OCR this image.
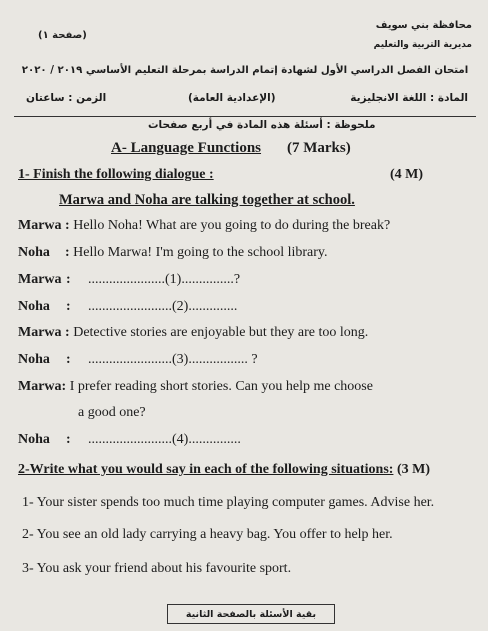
محافظة بني سويف
مديرية التربية والتعليم
(صفحة ١)
امتحان الفصل الدراسي الأول لشهادة إتمام الدراسة بمرحلة التعليم الأساسي ٢٠١٩ / ٢٠٢٠
المادة : اللغة الانجليزية
(الإعدادية العامة)
الزمن : ساعتان
ملحوظة : أسئلة هذه المادة في أربع صفحات
A- Language Functions (7 Marks)
1- Finish the following dialogue :	(4 M)
Marwa and Noha are talking together at school.
Marwa : Hello Noha! What are you going to do during the break?
Noha : Hello Marwa! I'm going to the school library.
Marwa : ......................(1)...............?
Noha : ........................(2)..............
Marwa : Detective stories are enjoyable but they are too long.
Noha : ........................(3)................. ?
Marwa: I prefer reading short stories. Can you help me choose
a good one?
Noha : ........................(4)...............
2-Write what you would say in each of the following situations: (3 M)
1- Your sister spends too much time playing computer games. Advise her.
2- You see an old lady carrying a heavy bag. You offer to help her.
3- You ask your friend about his favourite sport.
بقية الأسئلة بالصفحة الثانية
